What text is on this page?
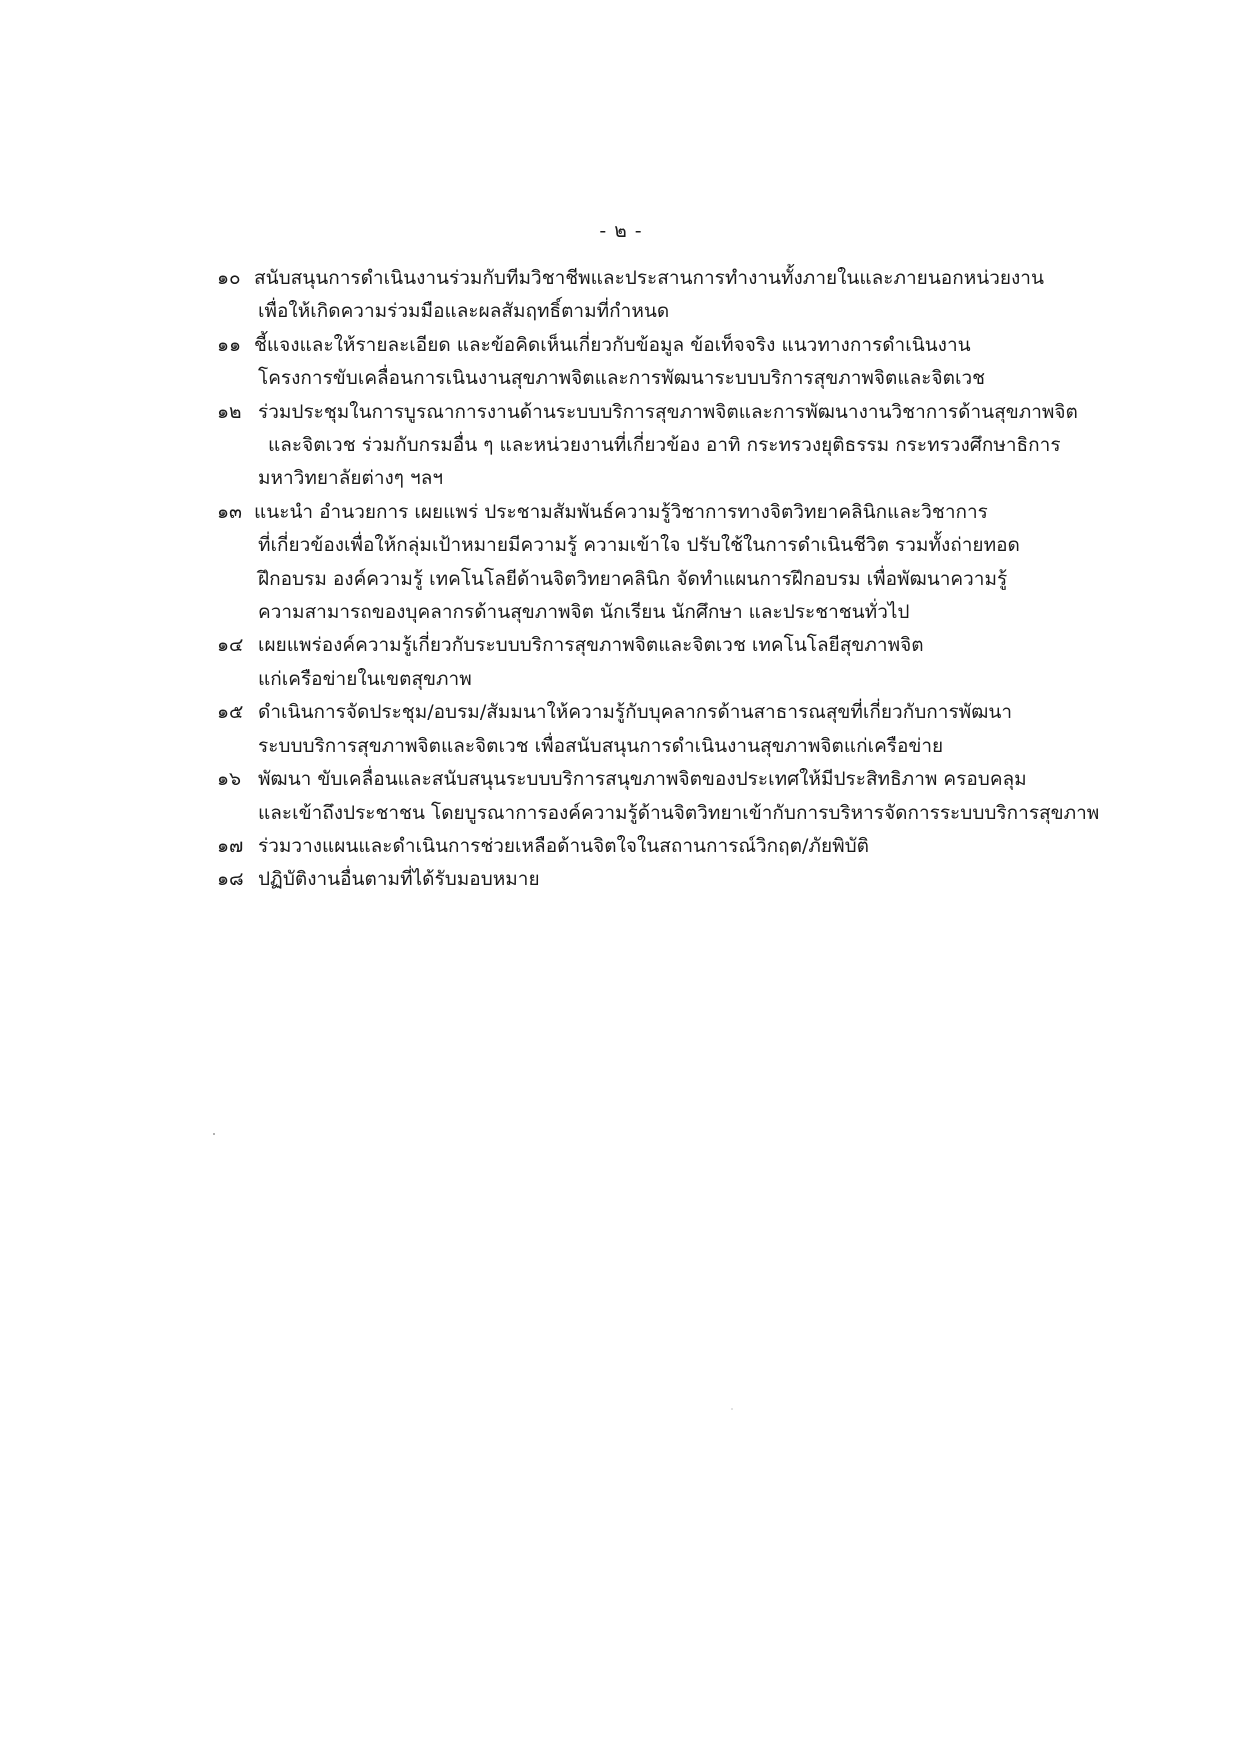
- ๒ -
๑๐ สนับสนุนการดำเนินงานร่วมกับทีมวิชาชีพและประสานการทำงานทั้งภายในและภายนอกหน่วยงาน
เพื่อให้เกิดความร่วมมือและผลสัมฤทธิ์ตามที่กำหนด
๑๑ ชี้แจงและให้รายละเอียด และข้อคิดเห็นเกี่ยวกับข้อมูล ข้อเท็จจริง แนวทางการดำเนินงาน
โครงการขับเคลื่อนการเนินงานสุขภาพจิตและการพัฒนาระบบบริการสุขภาพจิตและจิตเวช
๑๒ ร่วมประชุมในการบูรณาการงานด้านระบบบริการสุขภาพจิตและการพัฒนางานวิชาการด้านสุขภาพจิต
และจิตเวช ร่วมกับกรมอื่น ๆ และหน่วยงานที่เกี่ยวข้อง อาทิ กระทรวงยุติธรรม กระทรวงศึกษาธิการ
มหาวิทยาลัยต่างๆ ฯลฯ
๑๓ แนะนำ อำนวยการ เผยแพร่ ประชามสัมพันธ์ความรู้วิชาการทางจิตวิทยาคลินิกและวิชาการ
ที่เกี่ยวข้องเพื่อให้กลุ่มเป้าหมายมีความรู้ ความเข้าใจ ปรับใช้ในการดำเนินชีวิต รวมทั้งถ่ายทอด
ฝึกอบรม องค์ความรู้ เทคโนโลยีด้านจิตวิทยาคลินิก จัดทำแผนการฝึกอบรม เพื่อพัฒนาความรู้
ความสามารถของบุคลากรด้านสุขภาพจิต นักเรียน นักศึกษา และประชาชนทั่วไป
๑๔ เผยแพร่องค์ความรู้เกี่ยวกับระบบบริการสุขภาพจิตและจิตเวช เทคโนโลยีสุขภาพจิต
แก่เครือข่ายในเขตสุขภาพ
๑๕ ดำเนินการจัดประชุม/อบรม/สัมมนาให้ความรู้กับบุคลากรด้านสาธารณสุขที่เกี่ยวกับการพัฒนา
ระบบบริการสุขภาพจิตและจิตเวช เพื่อสนับสนุนการดำเนินงานสุขภาพจิตแก่เครือข่าย
๑๖ พัฒนา ขับเคลื่อนและสนับสนุนระบบบริการสนุขภาพจิตของประเทศให้มีประสิทธิภาพ ครอบคลุม
และเข้าถึงประชาชน โดยบูรณาการองค์ความรู้ด้านจิตวิทยาเข้ากับการบริหารจัดการระบบบริการสุขภาพ
๑๗ ร่วมวางแผนและดำเนินการช่วยเหลือด้านจิตใจในสถานการณ์วิกฤต/ภัยพิบัติ
๑๘ ปฏิบัติงานอื่นตามที่ได้รับมอบหมาย
